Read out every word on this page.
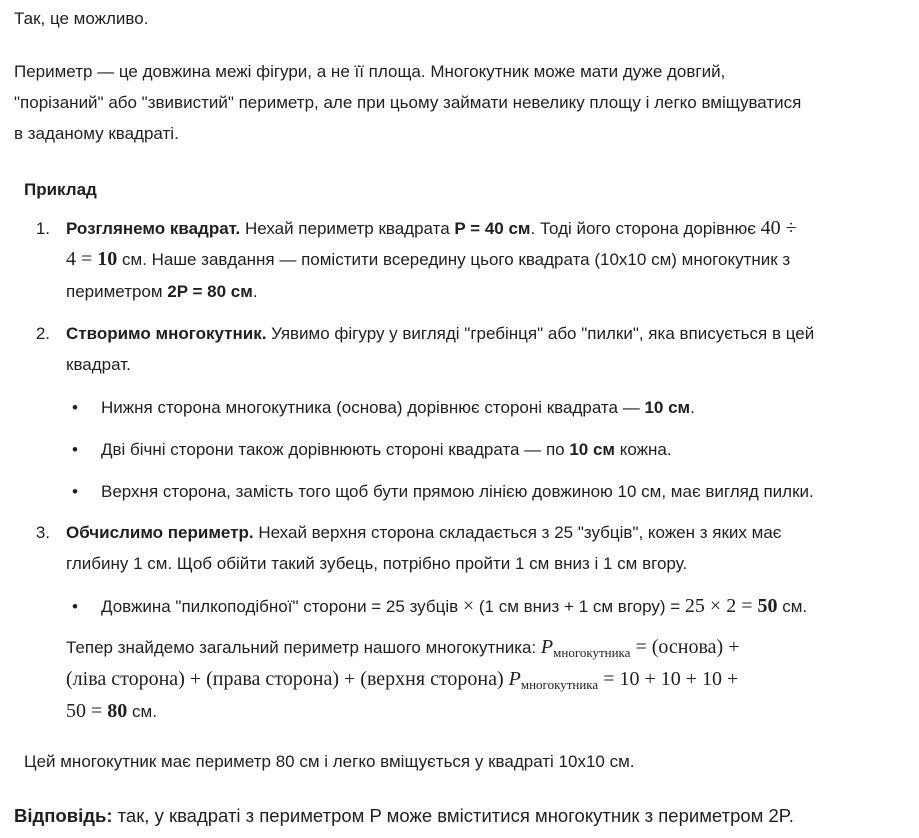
Так, це можливо.
Периметр — це довжина межі фігури, а не її площа. Многокутник може мати дуже довгий,
"порізаний" або "звивистий" периметр, але при цьому займати невелику площу і легко вміщуватися
в заданому квадраті.
Приклад
1. Розглянемо квадрат. Нехай периметр квадрата P = 40 см. Тоді його сторона дорівнює 40 ÷
4 = 10 см. Наше завдання — помістити всередину цього квадрата (10x10 см) многокутник з
периметром 2P = 80 см.
2. Створимо многокутник. Уявимо фігуру у вигляді "гребінця" або "пилки", яка вписується в цей
квадрат.
• Нижня сторона многокутника (основа) дорівнює стороні квадрата — 10 см.
• Дві бічні сторони також дорівнюють стороні квадрата — по 10 см кожна.
• Верхня сторона, замість того щоб бути прямою лінією довжиною 10 см, має вигляд пилки.
3. Обчислимо периметр. Нехай верхня сторона складається з 25 "зубців", кожен з яких має
глибину 1 см. Щоб обійти такий зубець, потрібно пройти 1 см вниз і 1 см вгору.
• Довжина "пилкоподібної" сторони = 25 зубців × (1 см вниз + 1 см вгору) = 25 × 2 = 50 см.
Тепер знайдемо загальний периметр нашого многокутника: $P_{многокутника}$ = (основа) +
(ліва сторона) + (права сторона) + (верхня сторона) $P_{многокутника} = 10 + 10 + 10$ +
50 = 80 см.
Цей многокутник має периметр 80 см і легко вміщується у квадраті 10x10 см.
Відповідь: так, у квадраті з периметром P може вміститися многокутник з периметром 2P.
